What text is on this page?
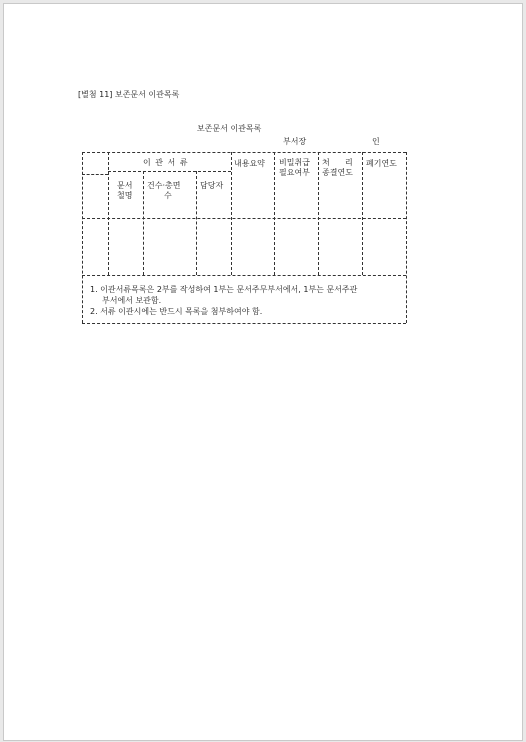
[별첨 11] 보존문서 이관목록
보존문서 이관목록
부서장	인
이 관 서 류	내용요약 비밀취급
필요여부
처      리
종결연도
폐기연도
문서
철명
건수·총면
수
담당자
1. 이관서류목록은 2부를 작성하여 1부는 문서주무부서에서, 1부는 문서주관
부서에서 보관함.
2. 서류 이관시에는 반드시 목록을 첨부하여야 함.
